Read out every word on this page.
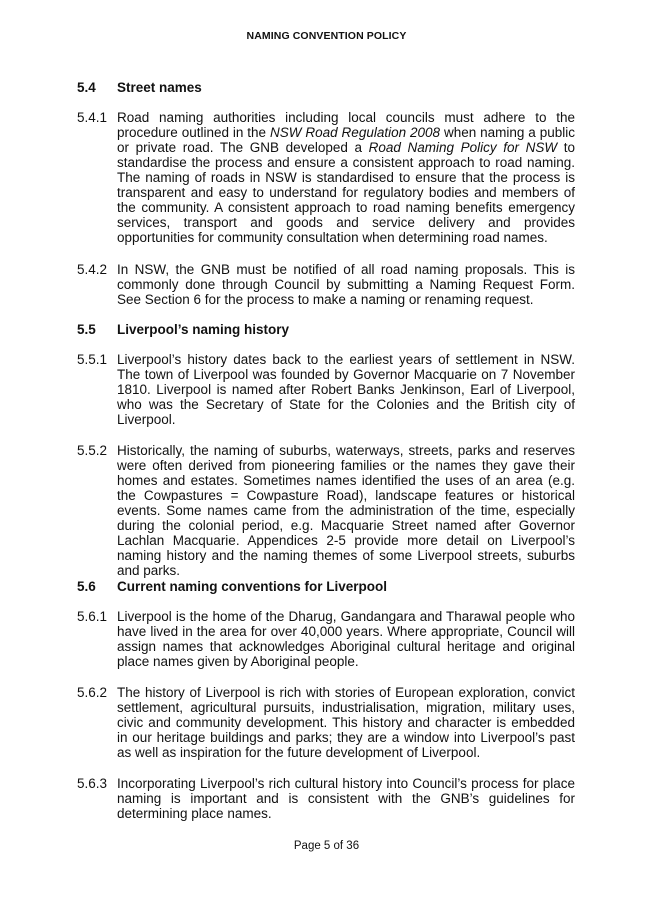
NAMING CONVENTION POLICY
5.4 Street names
5.4.1 Road naming authorities including local councils must adhere to the procedure outlined in the NSW Road Regulation 2008 when naming a public or private road. The GNB developed a Road Naming Policy for NSW to standardise the process and ensure a consistent approach to road naming. The naming of roads in NSW is standardised to ensure that the process is transparent and easy to understand for regulatory bodies and members of the community. A consistent approach to road naming benefits emergency services, transport and goods and service delivery and provides opportunities for community consultation when determining road names.
5.4.2 In NSW, the GNB must be notified of all road naming proposals. This is commonly done through Council by submitting a Naming Request Form. See Section 6 for the process to make a naming or renaming request.
5.5 Liverpool’s naming history
5.5.1 Liverpool’s history dates back to the earliest years of settlement in NSW. The town of Liverpool was founded by Governor Macquarie on 7 November 1810. Liverpool is named after Robert Banks Jenkinson, Earl of Liverpool, who was the Secretary of State for the Colonies and the British city of Liverpool.
5.5.2 Historically, the naming of suburbs, waterways, streets, parks and reserves were often derived from pioneering families or the names they gave their homes and estates. Sometimes names identified the uses of an area (e.g. the Cowpastures = Cowpasture Road), landscape features or historical events. Some names came from the administration of the time, especially during the colonial period, e.g. Macquarie Street named after Governor Lachlan Macquarie. Appendices 2-5 provide more detail on Liverpool’s naming history and the naming themes of some Liverpool streets, suburbs and parks.
5.6 Current naming conventions for Liverpool
5.6.1 Liverpool is the home of the Dharug, Gandangara and Tharawal people who have lived in the area for over 40,000 years. Where appropriate, Council will assign names that acknowledges Aboriginal cultural heritage and original place names given by Aboriginal people.
5.6.2 The history of Liverpool is rich with stories of European exploration, convict settlement, agricultural pursuits, industrialisation, migration, military uses, civic and community development. This history and character is embedded in our heritage buildings and parks; they are a window into Liverpool’s past as well as inspiration for the future development of Liverpool.
5.6.3 Incorporating Liverpool’s rich cultural history into Council’s process for place naming is important and is consistent with the GNB’s guidelines for determining place names.
Page 5 of 36
